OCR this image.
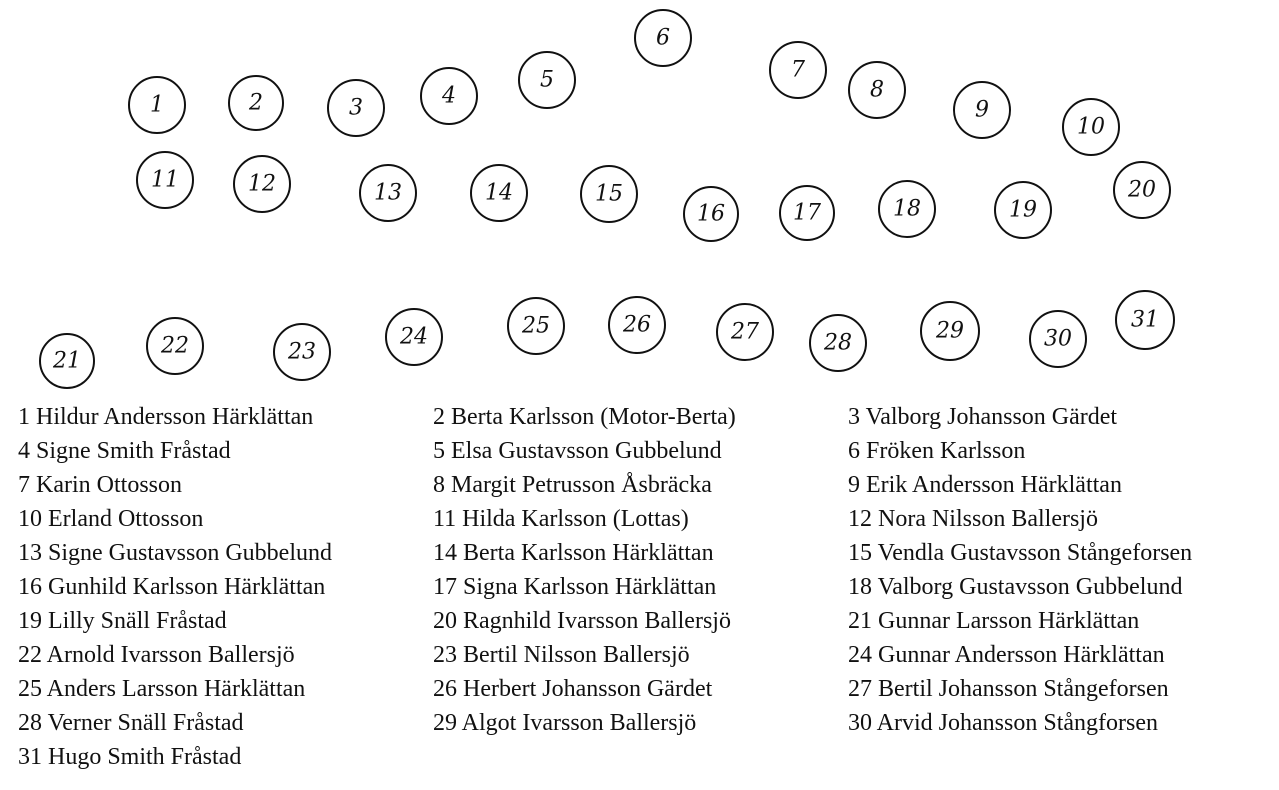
1	2	3	4
5
6
7
8
9
10
11	12	13	14	15
16	17	18	19
20
21
22	23
24	25	26	27	28	29	30
31
1 Hildur Andersson Härklättan
4 Signe Smith Fråstad
7 Karin Ottosson
10 Erland Ottosson
13 Signe Gustavsson Gubbelund
16 Gunhild Karlsson Härklättan
19 Lilly Snäll Fråstad
22 Arnold Ivarsson Ballersjö
25 Anders Larsson Härklättan
28 Verner Snäll Fråstad
31 Hugo Smith Fråstad
2 Berta Karlsson (Motor-Berta)
5 Elsa Gustavsson Gubbelund
8 Margit Petrusson Åsbräcka
11 Hilda Karlsson (Lottas)
14 Berta Karlsson Härklättan
17 Signa Karlsson Härklättan
20 Ragnhild Ivarsson Ballersjö
23 Bertil Nilsson Ballersjö
26 Herbert Johansson Gärdet
29 Algot Ivarsson Ballersjö
3 Valborg Johansson Gärdet
6 Fröken Karlsson
9 Erik Andersson Härklättan
12 Nora Nilsson Ballersjö
15 Vendla Gustavsson Stångeforsen
18 Valborg Gustavsson Gubbelund
21 Gunnar Larsson Härklättan
24 Gunnar Andersson Härklättan
27 Bertil Johansson Stångeforsen
30 Arvid Johansson Stångforsen
